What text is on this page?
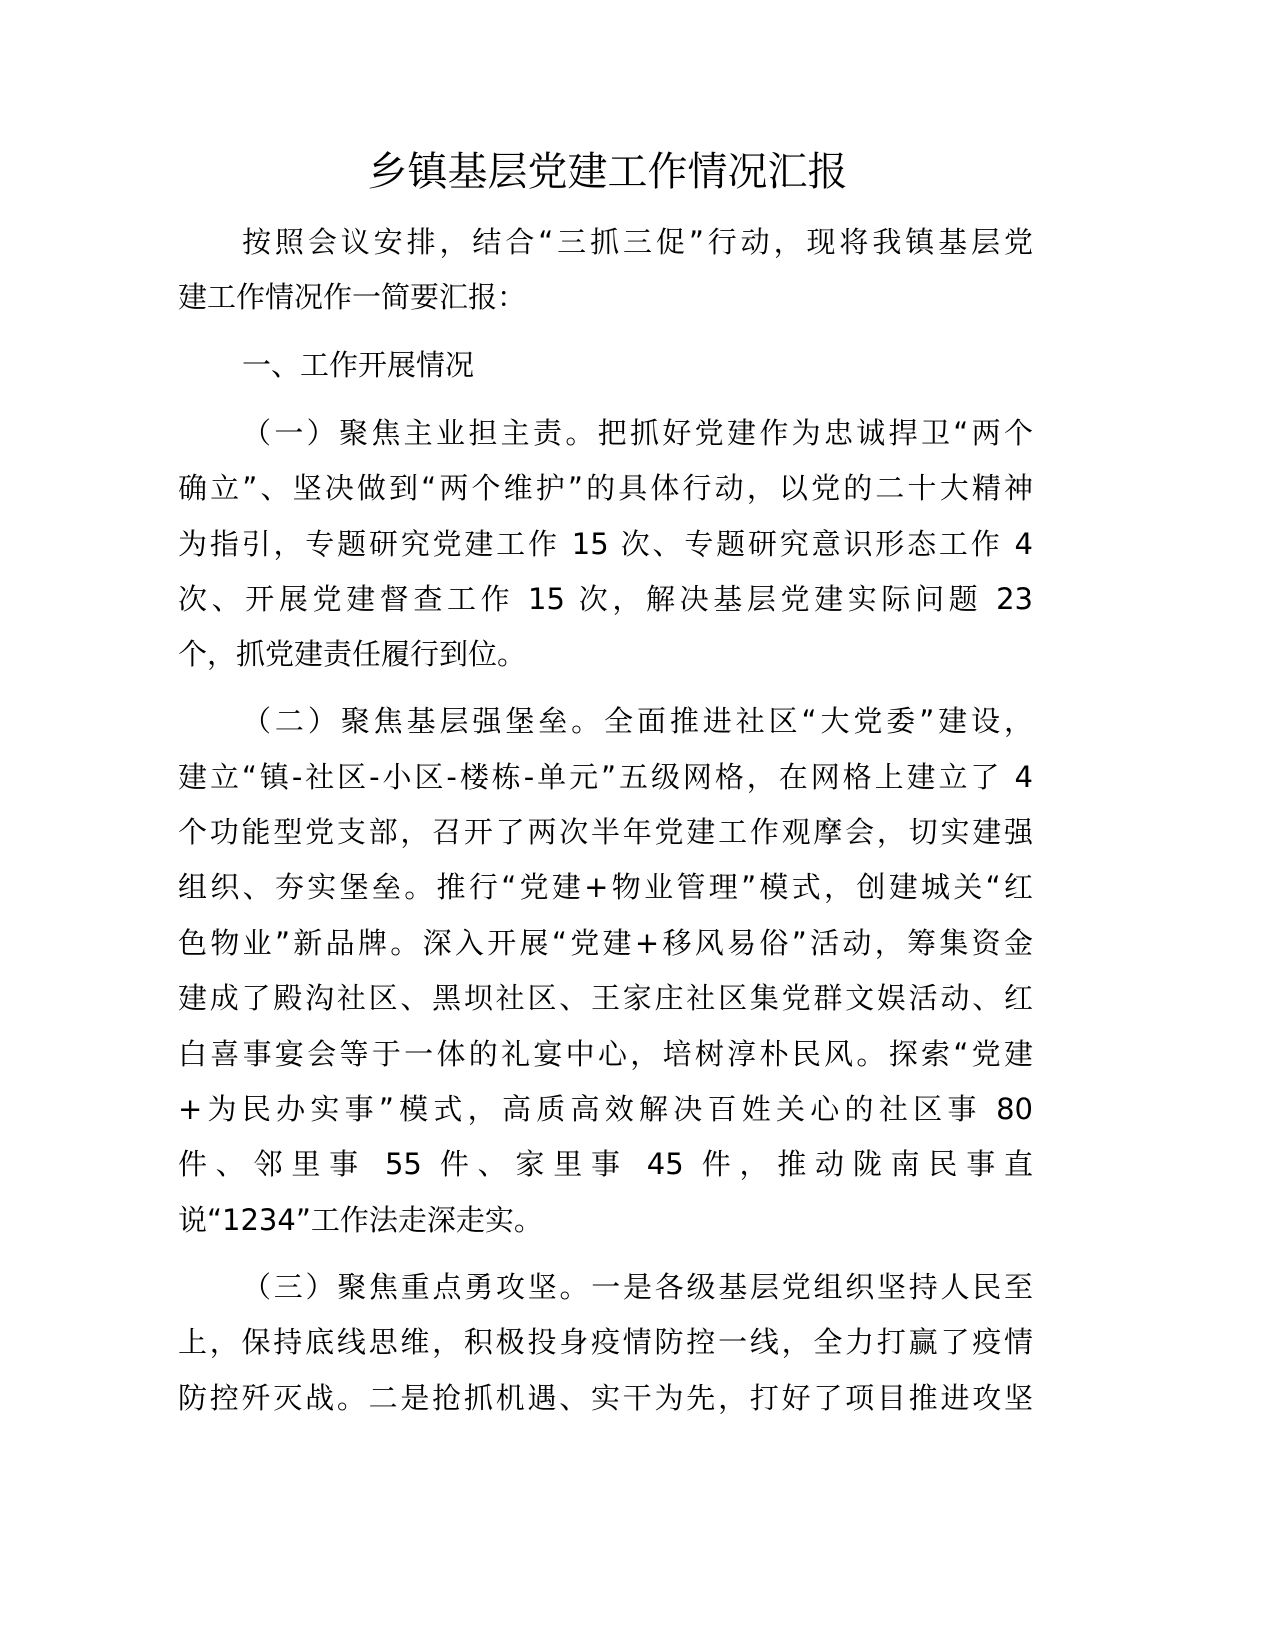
乡镇基层党建工作情况汇报
按照会议安排，结合“三抓三促”行动，现将我镇基层党
建工作情况作一简要汇报：
一、工作开展情况
（一）聚焦主业担主责。把抓好党建作为忠诚捍卫“两个
确立”、坚决做到“两个维护”的具体行动，以党的二十大精神
为指引，专题研究党建工作 15 次、专题研究意识形态工作 4
次、开展党建督查工作 15 次，解决基层党建实际问题 23
个，抓党建责任履行到位。
（二）聚焦基层强堡垒。全面推进社区“大党委”建设，
建立“镇-社区-小区-楼栋-单元”五级网格，在网格上建立了 4
个功能型党支部，召开了两次半年党建工作观摩会，切实建强
组织、夯实堡垒。推行“党建+物业管理”模式，创建城关“红
色物业”新品牌。深入开展“党建+移风易俗”活动，筹集资金
建成了殿沟社区、黑坝社区、王家庄社区集党群文娱活动、红
白喜事宴会等于一体的礼宴中心，培树淳朴民风。探索“党建
+为民办实事”模式，高质高效解决百姓关心的社区事 80
件、邻里事 55 件、家里事 45 件，推动陇南民事直
说“1234”工作法走深走实。
（三）聚焦重点勇攻坚。一是各级基层党组织坚持人民至
上，保持底线思维，积极投身疫情防控一线，全力打赢了疫情
防控歼灭战。二是抢抓机遇、实干为先，打好了项目推进攻坚
